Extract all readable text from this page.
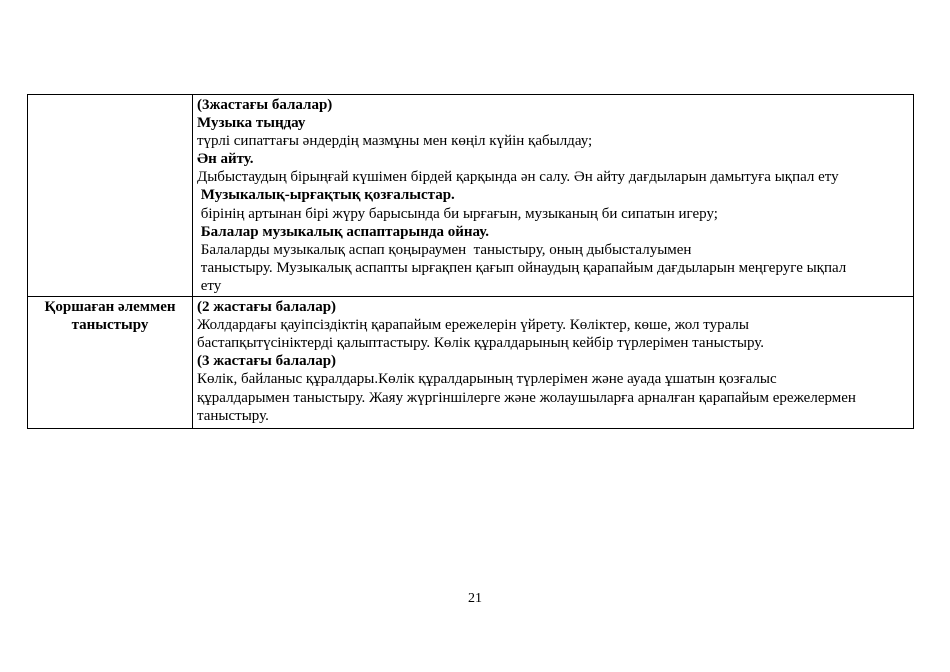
(3жастағы балалар)
Музыка тыңдау
түрлі сипаттағы әндердің мазмұны мен көңіл күйін қабылдау;
Ән айту.
Дыбыстаудың бірыңғай күшімен бірдей қарқында ән салу. Ән айту дағдыларын дамытуға ықпал ету
Музыкалық-ырғақтық қозғалыстар.
бірінің артынан бірі жүру барысында би ырғағын, музыканың би сипатын игеру;
Балалар музыкалық аспаптарында ойнау.
Балаларды музыкалық аспап қоңыраумен  таныстыру, оның дыбысталуымен
таныстыру. Музыкалық аспапты ырғақпен қағып ойнаудың қарапайым дағдыларын меңгеруге ықпал
ету

Қоршаған әлеммен
таныстыру

(2 жастағы балалар)
Жолдардағы қауіпсіздіктің қарапайым ережелерін үйрету. Көліктер, көше, жол туралы
бастапқытүсініктерді қалыптастыру. Көлік құралдарының кейбір түрлерімен таныстыру.
(3 жастағы балалар)
Көлік, байланыс құралдары.Көлік құралдарының түрлерімен және ауада ұшатын қозғалыс
құралдарымен таныстыру. Жаяу жүргіншілерге және жолаушыларға арналған қарапайым ережелермен
таныстыру.
21
